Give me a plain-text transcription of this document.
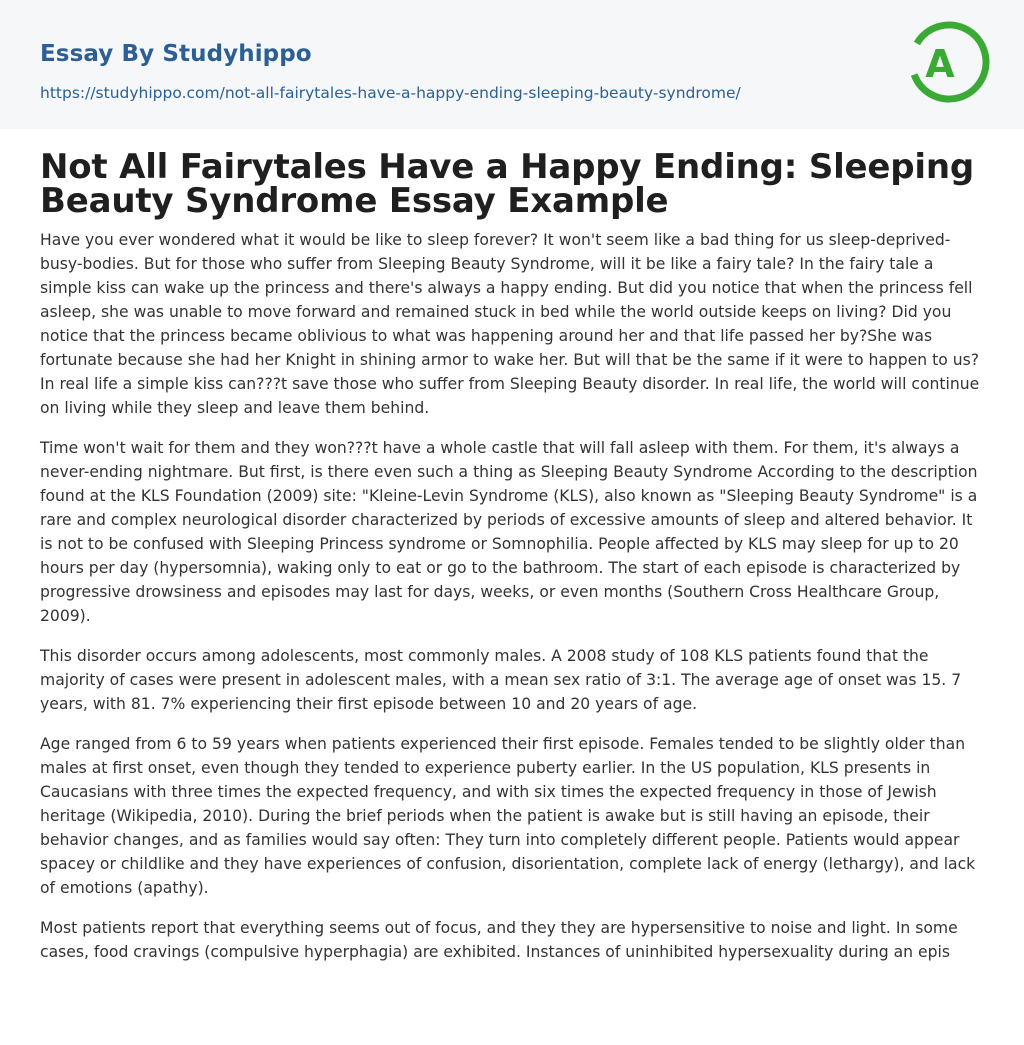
Essay By Studyhippo
https://studyhippo.com/not-all-fairytales-have-a-happy-ending-sleeping-beauty-syndrome/
A
Not All Fairytales Have a Happy Ending: Sleeping Beauty Syndrome Essay Example

Have you ever wondered what it would be like to sleep forever? It won't seem like a bad thing for us sleep-deprived-busy-bodies. But for those who suffer from Sleeping Beauty Syndrome, will it be like a fairy tale? In the fairy tale a simple kiss can wake up the princess and there's always a happy ending. But did you notice that when the princess fell asleep, she was unable to move forward and remained stuck in bed while the world outside keeps on living? Did you notice that the princess became oblivious to what was happening around her and that life passed her by?She was fortunate because she had her Knight in shining armor to wake her. But will that be the same if it were to happen to us? In real life a simple kiss can???t save those who suffer from Sleeping Beauty disorder. In real life, the world will continue on living while they sleep and leave them behind.

Time won't wait for them and they won???t have a whole castle that will fall asleep with them. For them, it's always a never-ending nightmare. But first, is there even such a thing as Sleeping Beauty Syndrome According to the description found at the KLS Foundation (2009) site: "Kleine-Levin Syndrome (KLS), also known as "Sleeping Beauty Syndrome" is a rare and complex neurological disorder characterized by periods of excessive amounts of sleep and altered behavior. It is not to be confused with Sleeping Princess syndrome or Somnophilia. People affected by KLS may sleep for up to 20 hours per day (hypersomnia), waking only to eat or go to the bathroom. The start of each episode is characterized by progressive drowsiness and episodes may last for days, weeks, or even months (Southern Cross Healthcare Group, 2009).

This disorder occurs among adolescents, most commonly males. A 2008 study of 108 KLS patients found that the majority of cases were present in adolescent males, with a mean sex ratio of 3:1. The average age of onset was 15. 7 years, with 81. 7% experiencing their first episode between 10 and 20 years of age.

Age ranged from 6 to 59 years when patients experienced their first episode. Females tended to be slightly older than males at first onset, even though they tended to experience puberty earlier. In the US population, KLS presents in Caucasians with three times the expected frequency, and with six times the expected frequency in those of Jewish heritage (Wikipedia, 2010). During the brief periods when the patient is awake but is still having an episode, their behavior changes, and as families would say often: They turn into completely different people. Patients would appear spacey or childlike and they have experiences of confusion, disorientation, complete lack of energy (lethargy), and lack of emotions (apathy).

Most patients report that everything seems out of focus, and they they are hypersensitive to noise and light. In some cases, food cravings (compulsive hyperphagia) are exhibited. Instances of uninhibited hypersexuality during an epis
